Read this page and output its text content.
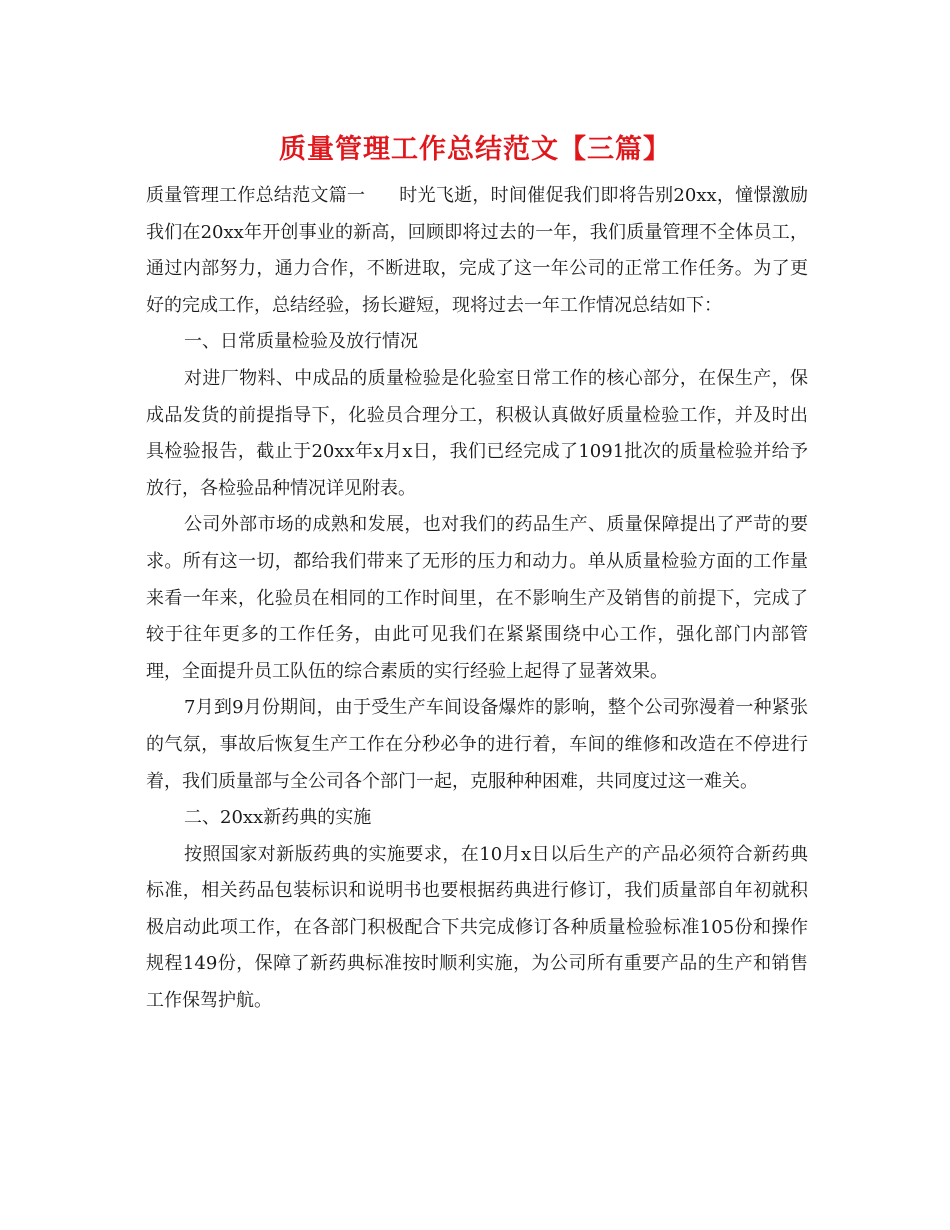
质量管理工作总结范文【三篇】

质量管理工作总结范文篇一 时光飞逝，时间催促我们即将告别20xx，憧憬激励我们在20xx年开创事业的新高，回顾即将过去的一年，我们质量管理不全体员工，通过内部努力，通力合作，不断进取，完成了这一年公司的正常工作任务。为了更好的完成工作，总结经验，扬长避短，现将过去一年工作情况总结如下：

一、日常质量检验及放行情况

对进厂物料、中成品的质量检验是化验室日常工作的核心部分，在保生产，保成品发货的前提指导下，化验员合理分工，积极认真做好质量检验工作，并及时出具检验报告，截止于20xx年x月x日，我们已经完成了1091批次的质量检验并给予放行，各检验品种情况详见附表。

公司外部市场的成熟和发展，也对我们的药品生产、质量保障提出了严苛的要求。所有这一切，都给我们带来了无形的压力和动力。单从质量检验方面的工作量来看一年来，化验员在相同的工作时间里，在不影响生产及销售的前提下，完成了较于往年更多的工作任务，由此可见我们在紧紧围绕中心工作，强化部门内部管理，全面提升员工队伍的综合素质的实行经验上起得了显著效果。

7月到9月份期间，由于受生产车间设备爆炸的影响，整个公司弥漫着一种紧张的气氛，事故后恢复生产工作在分秒必争的进行着，车间的维修和改造在不停进行着，我们质量部与全公司各个部门一起，克服种种困难，共同度过这一难关。

二、20xx新药典的实施

按照国家对新版药典的实施要求，在10月x日以后生产的产品必须符合新药典标准，相关药品包装标识和说明书也要根据药典进行修订，我们质量部自年初就积极启动此项工作，在各部门积极配合下共完成修订各种质量检验标准105份和操作规程149份，保障了新药典标准按时顺利实施，为公司所有重要产品的生产和销售工作保驾护航。
